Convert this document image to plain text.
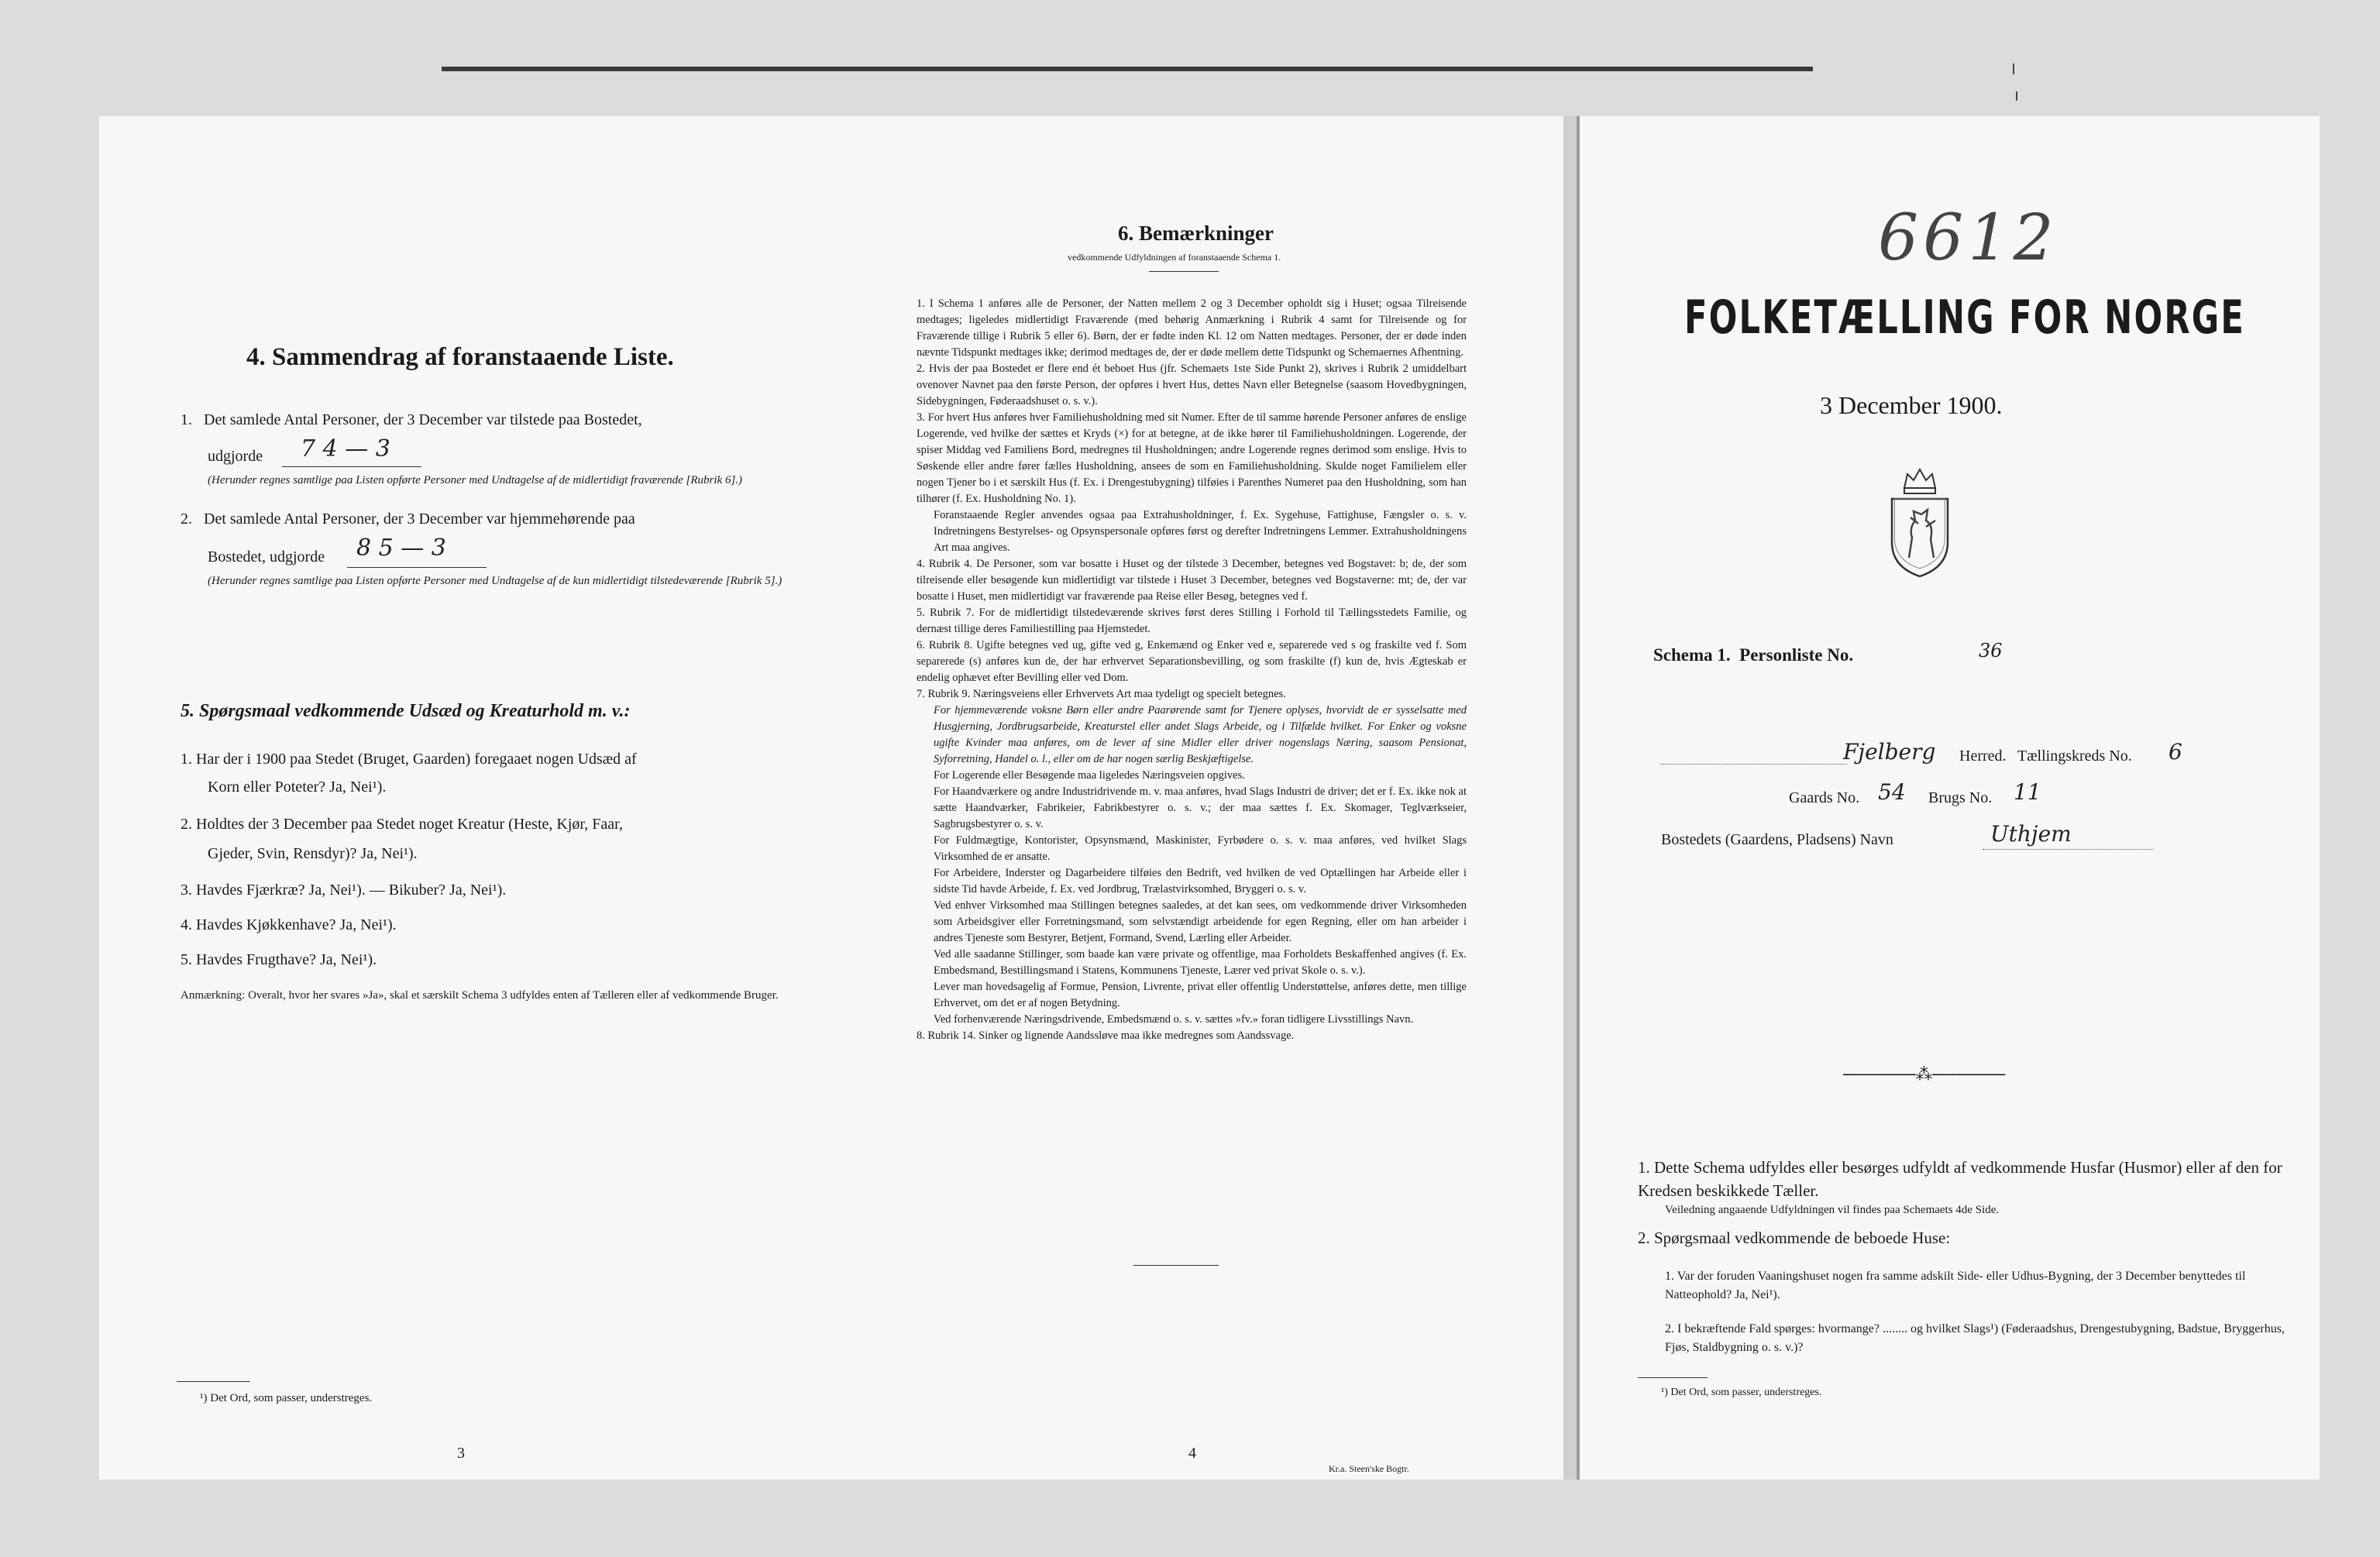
4. Sammendrag af foranstaaende Liste.
1. Det samlede Antal Personer, der 3 December var tilstede paa Bostedet,
udgjorde 7 4 — 3
(Herunder regnes samtlige paa Listen opførte Personer med Undtagelse af de midlertidigt fraværende [Rubrik 6].)
2. Det samlede Antal Personer, der 3 December var hjemmehørende paa
Bostedet, udgjorde 8 5 — 3
(Herunder regnes samtlige paa Listen opførte Personer med Undtagelse af de kun midlertidigt tilstedeværende [Rubrik 5].)
5. Spørgsmaal vedkommende Udsæd og Kreaturhold m. v.:
1. Har der i 1900 paa Stedet (Bruget, Gaarden) foregaaet nogen Udsæd af
Korn eller Poteter? Ja, Nei¹).
2. Holdtes der 3 December paa Stedet noget Kreatur (Heste, Kjør, Faar,
Gjeder, Svin, Rensdyr)? Ja, Nei¹).
3. Havdes Fjærkræ? Ja, Nei¹). — Bikuber? Ja, Nei¹).
4. Havdes Kjøkkenhave? Ja, Nei¹).
5. Havdes Frugthave? Ja, Nei¹).
Anmærkning: Overalt, hvor her svares »Ja», skal et særskilt Schema 3 udfyldes enten af Tælleren eller af vedkommende Bruger.
¹) Det Ord, som passer, understreges.
3
6. Bemærkninger
vedkommende Udfyldningen af foranstaaende Schema 1.

1. I Schema 1 anføres alle de Personer, der Natten mellem 2 og 3 December opholdt sig i Huset; ogsaa Tilreisende medtages; ligeledes midlertidigt Fraværende (med behørig Anmærkning i Rubrik 4 samt for Tilreisende og for Fraværende tillige i Rubrik 5 eller 6). Børn, der er fødte inden Kl. 12 om Natten medtages. Personer, der er døde inden nævnte Tidspunkt medtages ikke; derimod medtages de, der er døde mellem dette Tidspunkt og Schemaernes Afhentning.

2. Hvis der paa Bostedet er flere end ét beboet Hus (jfr. Schemaets 1ste Side Punkt 2), skrives i Rubrik 2 umiddelbart ovenover Navnet paa den første Person, der opføres i hvert Hus, dettes Navn eller Betegnelse (saasom Hovedbygningen, Sidebygningen, Føderaadshuset o. s. v.).

3. For hvert Hus anføres hver Familiehusholdning med sit Numer. Efter de til samme hørende Personer anføres de enslige Logerende, ved hvilke der sættes et Kryds (×) for at betegne, at de ikke hører til Familiehusholdningen. Logerende, der spiser Middag ved Familiens Bord, medregnes til Husholdningen; andre Logerende regnes derimod som enslige. Hvis to Søskende eller andre fører fælles Husholdning, ansees de som en Familiehusholdning. Skulde noget Familielem eller nogen Tjener bo i et særskilt Hus (f. Ex. i Drengestubygning) tilføies i Parenthes Numeret paa den Husholdning, som han tilhører (f. Ex. Husholdning No. 1).

Foranstaaende Regler anvendes ogsaa paa Extrahusholdninger, f. Ex. Sygehuse, Fattighuse, Fængsler o. s. v. Indretningens Bestyrelses- og Opsynspersonale opføres først og derefter Indretningens Lemmer. Extrahusholdningens Art maa angives.

4. Rubrik 4. De Personer, som var bosatte i Huset og der tilstede 3 December, betegnes ved Bogstavet: b; de, der som tilreisende eller besøgende kun midlertidigt var tilstede i Huset 3 December, betegnes ved Bogstaverne: mt; de, der var bosatte i Huset, men midlertidigt var fraværende paa Reise eller Besøg, betegnes ved f.

5. Rubrik 7. For de midlertidigt tilstedeværende skrives først deres Stilling i Forhold til Tællingsstedets Familie, og dernæst tillige deres Familiestilling paa Hjemstedet.

6. Rubrik 8. Ugifte betegnes ved ug, gifte ved g, Enkemænd og Enker ved e, separerede ved s og fraskilte ved f. Som separerede (s) anføres kun de, der har erhvervet Separationsbevilling, og som fraskilte (f) kun de, hvis Ægteskab er endelig ophævet efter Bevilling eller ved Dom.

7. Rubrik 9. Næringsveiens eller Erhvervets Art maa tydeligt og specielt betegnes.

For hjemmeværende voksne Børn eller andre Paarørende samt for Tjenere oplyses, hvorvidt de er sysselsatte med Husgjerning, Jordbrugsarbeide, Kreaturstel eller andet Slags Arbeide, og i Tilfælde hvilket. For Enker og voksne ugifte Kvinder maa anføres, om de lever af sine Midler eller driver nogenslags Næring, saasom Pensionat, Syforretning, Handel o. l., eller om de har nogen særlig Beskjæftigelse.

For Logerende eller Besøgende maa ligeledes Næringsveien opgives.

For Haandværkere og andre Industridrivende m. v. maa anføres, hvad Slags Industri de driver; det er f. Ex. ikke nok at sætte Haandværker, Fabrikeier, Fabrikbestyrer o. s. v.; der maa sættes f. Ex. Skomager, Teglværkseier, Sagbrugsbestyrer o. s. v.

For Fuldmægtige, Kontorister, Opsynsmænd, Maskinister, Fyrbødere o. s. v. maa anføres, ved hvilket Slags Virksomhed de er ansatte.

For Arbeidere, Inderster og Dagarbeidere tilføies den Bedrift, ved hvilken de ved Optællingen har Arbeide eller i sidste Tid havde Arbeide, f. Ex. ved Jordbrug, Trælastvirksomhed, Bryggeri o. s. v.

Ved enhver Virksomhed maa Stillingen betegnes saaledes, at det kan sees, om vedkommende driver Virksomheden som Arbeidsgiver eller Forretningsmand, som selvstændigt arbeidende for egen Regning, eller om han arbeider i andres Tjeneste som Bestyrer, Betjent, Formand, Svend, Lærling eller Arbeider.

Ved alle saadanne Stillinger, som baade kan være private og offentlige, maa Forholdets Beskaffenhed angives (f. Ex. Embedsmand, Bestillingsmand i Statens, Kommunens Tjeneste, Lærer ved privat Skole o. s. v.).

Lever man hovedsagelig af Formue, Pension, Livrente, privat eller offentlig Understøttelse, anføres dette, men tillige Erhvervet, om det er af nogen Betydning.

Ved forhenværende Næringsdrivende, Embedsmænd o. s. v. sættes »fv.» foran tidligere Livsstillings Navn.

8. Rubrik 14. Sinker og lignende Aandssløve maa ikke medregnes som Aandssvage.

4
Kr.a. Steen'ske Bogtr.
6612
FOLKETÆLLING FOR NORGE
3 December 1900.
Schema 1. Personliste No.	36
Fjelberg Herred. Tællingskreds No. 6
Gaards No. 54 Brugs No. 11
Bostedets (Gaardens, Pladsens) Navn	Uthjem
──────⁂──────
1. Dette Schema udfyldes eller besørges udfyldt af vedkommende Husfar (Husmor) eller af den for Kredsen beskikkede Tæller.
Veiledning angaaende Udfyldningen vil findes paa Schemaets 4de Side.
2. Spørgsmaal vedkommende de beboede Huse:
1. Var der foruden Vaaningshuset nogen fra samme adskilt Side- eller Udhus-Bygning, der 3 December benyttedes til Natteophold? Ja, Nei¹).
2. I bekræftende Fald spørges: hvormange? ........ og hvilket Slags¹) (Føderaadshus, Drengestubygning, Badstue, Bryggerhus, Fjøs, Staldbygning o. s. v.)?
¹) Det Ord, som passer, understreges.
